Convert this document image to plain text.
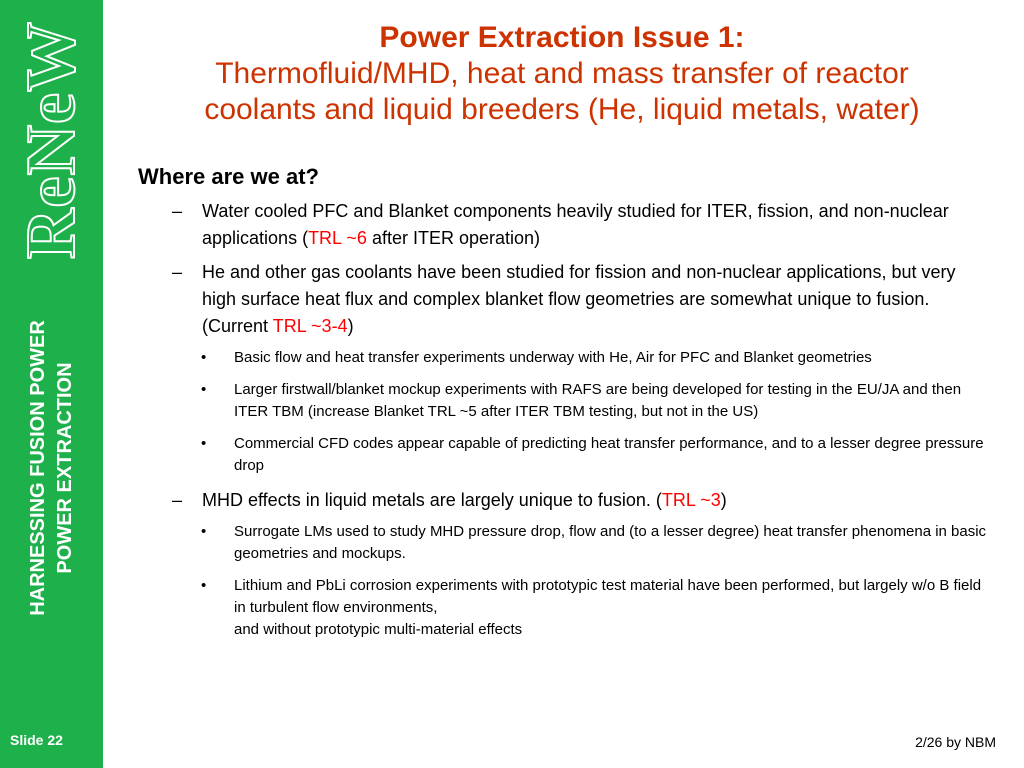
ReNeW
HARNESSING FUSION POWER POWER EXTRACTION
Slide 22
Power Extraction Issue 1:
Thermofluid/MHD, heat and mass transfer of reactor
coolants and liquid breeders (He, liquid metals, water)
Where are we at?
– Water cooled PFC and Blanket components heavily studied for ITER, fission, and non-nuclear applications (TRL ~6 after ITER operation)
– He and other gas coolants have been studied for fission and non-nuclear applications, but very high surface heat flux and complex blanket flow geometries are somewhat unique to fusion. (Current TRL ~3-4)
• Basic flow and heat transfer experiments underway with He, Air for PFC and Blanket geometries
• Larger firstwall/blanket mockup experiments with RAFS are being developed for testing in the EU/JA and then ITER TBM (increase Blanket TRL ~5 after ITER TBM testing, but not in the US)
• Commercial CFD codes appear capable of predicting heat transfer performance, and to a lesser degree pressure drop
– MHD effects in liquid metals are largely unique to fusion. (TRL ~3)
• Surrogate LMs used to study MHD pressure drop, flow and (to a lesser degree) heat transfer phenomena in basic geometries and mockups.
• Lithium and PbLi corrosion experiments with prototypic test material have been performed, but largely w/o B field in turbulent flow environments,
and without prototypic multi-material effects
2/26 by NBM
